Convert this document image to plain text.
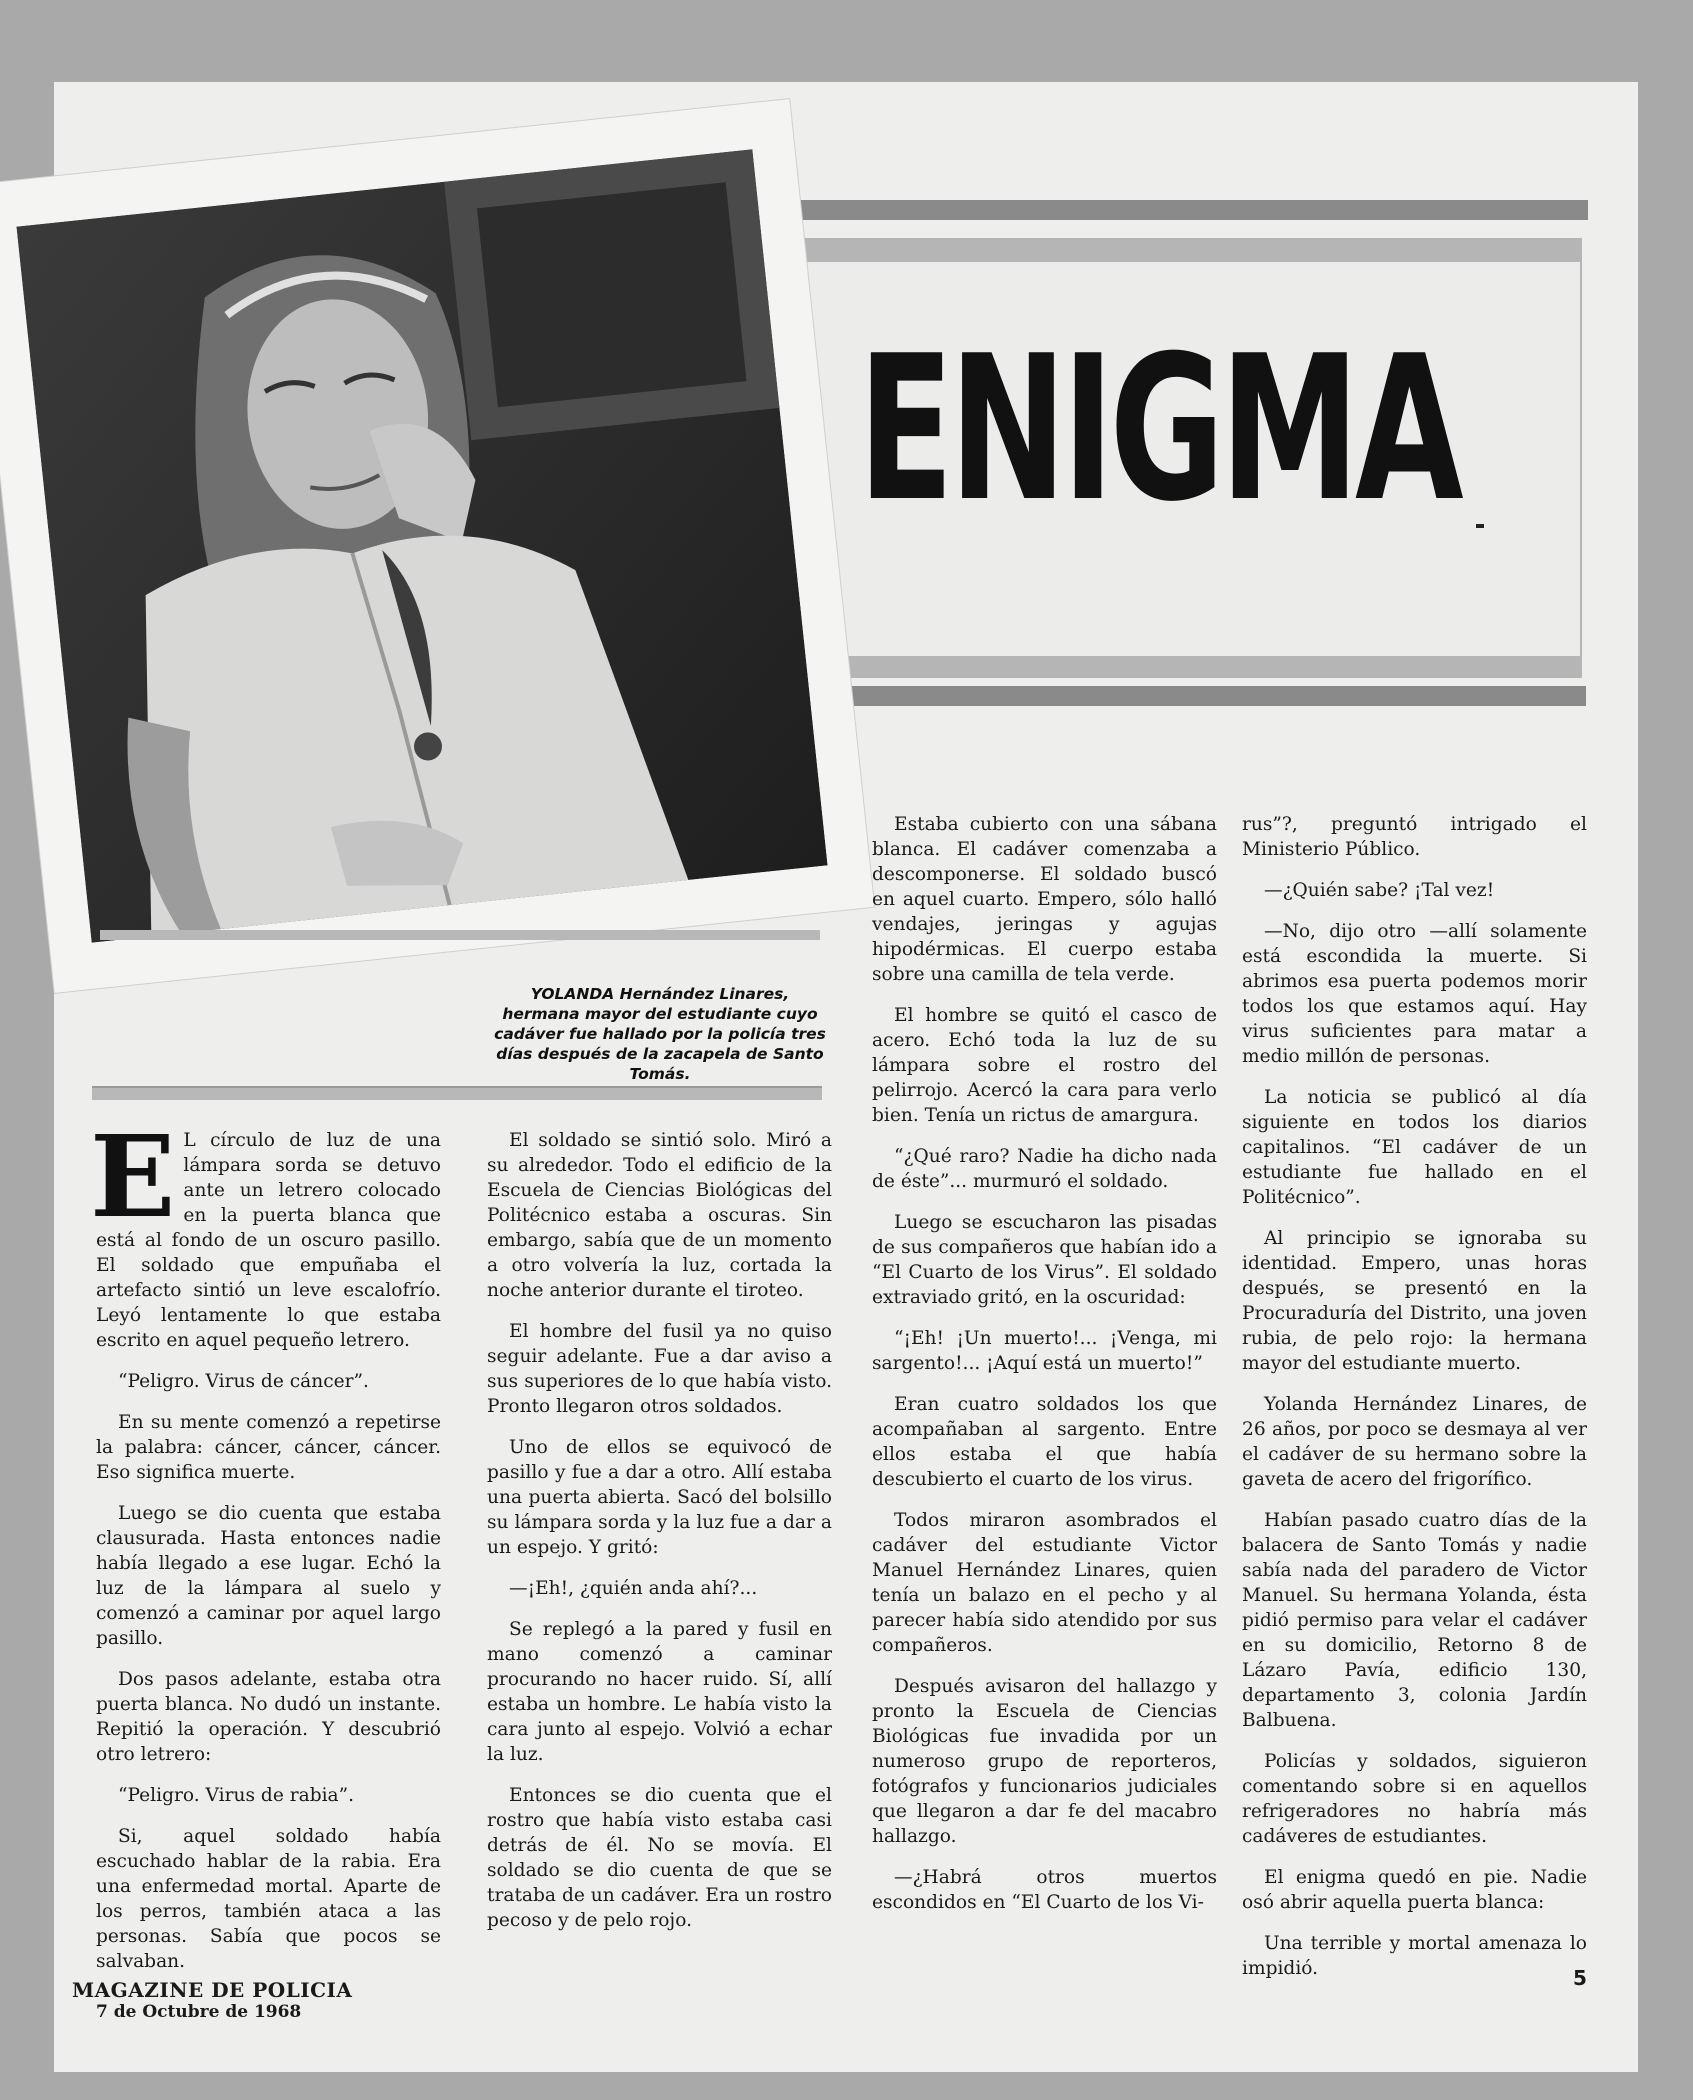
ENIGMA
YOLANDA Hernández Linares, hermana mayor del estudiante cuyo cadáver fue hallado por la policía tres días después de la zacapela de Santo Tomás.

E L círculo de luz de una lámpara sorda se detuvo ante un letrero colocado en la puerta blanca que está al fondo de un oscuro pasillo. El soldado que empuñaba el artefacto sintió un leve escalofrío. Leyó lentamente lo que estaba escrito en aquel pequeño letrero.

“Peligro. Virus de cáncer”.

En su mente comenzó a repetirse la palabra: cáncer, cáncer, cáncer. Eso significa muerte.

Luego se dio cuenta que estaba clausurada. Hasta entonces nadie había llegado a ese lugar. Echó la luz de la lámpara al suelo y comenzó a caminar por aquel largo pasillo.

Dos pasos adelante, estaba otra puerta blanca. No dudó un instante. Repitió la operación. Y descubrió otro letrero:

“Peligro. Virus de rabia”.

Si, aquel soldado había escuchado hablar de la rabia. Era una enfermedad mortal. Aparte de los perros, también ataca a las personas. Sabía que pocos se salvaban.

El soldado se sintió solo. Miró a su alrededor. Todo el edificio de la Escuela de Ciencias Biológicas del Politécnico estaba a oscuras. Sin embargo, sabía que de un momento a otro volvería la luz, cortada la noche anterior durante el tiroteo.

El hombre del fusil ya no quiso seguir adelante. Fue a dar aviso a sus superiores de lo que había visto. Pronto llegaron otros soldados.

Uno de ellos se equivocó de pasillo y fue a dar a otro. Allí estaba una puerta abierta. Sacó del bolsillo su lámpara sorda y la luz fue a dar a un espejo. Y gritó:

—¡Eh!, ¿quién anda ahí?...

Se replegó a la pared y fusil en mano comenzó a caminar procurando no hacer ruido. Sí, allí estaba un hombre. Le había visto la cara junto al espejo. Volvió a echar la luz.

Entonces se dio cuenta que el rostro que había visto estaba casi detrás de él. No se movía. El soldado se dio cuenta de que se trataba de un cadáver. Era un rostro pecoso y de pelo rojo.

Estaba cubierto con una sábana blanca. El cadáver comenzaba a descomponerse. El soldado buscó en aquel cuarto. Empero, sólo halló vendajes, jeringas y agujas hipodérmicas. El cuerpo estaba sobre una camilla de tela verde.

El hombre se quitó el casco de acero. Echó toda la luz de su lámpara sobre el rostro del pelirrojo. Acercó la cara para verlo bien. Tenía un rictus de amargura.

“¿Qué raro? Nadie ha dicho nada de éste”... murmuró el soldado.

Luego se escucharon las pisadas de sus compañeros que habían ido a “El Cuarto de los Virus”. El soldado extraviado gritó, en la oscuridad:

“¡Eh! ¡Un muerto!... ¡Venga, mi sargento!... ¡Aquí está un muerto!”

Eran cuatro soldados los que acompañaban al sargento. Entre ellos estaba el que había descubierto el cuarto de los virus.

Todos miraron asombrados el cadáver del estudiante Victor Manuel Hernández Linares, quien tenía un balazo en el pecho y al parecer había sido atendido por sus compañeros.

Después avisaron del hallazgo y pronto la Escuela de Ciencias Biológicas fue invadida por un numeroso grupo de reporteros, fotógrafos y funcionarios judiciales que llegaron a dar fe del macabro hallazgo.

—¿Habrá otros muertos escondidos en “El Cuarto de los Vi-

rus”?, preguntó intrigado el Ministerio Público.

—¿Quién sabe? ¡Tal vez!

—No, dijo otro —allí solamente está escondida la muerte. Si abrimos esa puerta podemos morir todos los que estamos aquí. Hay virus suficientes para matar a medio millón de personas.

La noticia se publicó al día siguiente en todos los diarios capitalinos. “El cadáver de un estudiante fue hallado en el Politécnico”.

Al principio se ignoraba su identidad. Empero, unas horas después, se presentó en la Procuraduría del Distrito, una joven rubia, de pelo rojo: la hermana mayor del estudiante muerto.

Yolanda Hernández Linares, de 26 años, por poco se desmaya al ver el cadáver de su hermano sobre la gaveta de acero del frigorífico.

Habían pasado cuatro días de la balacera de Santo Tomás y nadie sabía nada del paradero de Victor Manuel. Su hermana Yolanda, ésta pidió permiso para velar el cadáver en su domicilio, Retorno 8 de Lázaro Pavía, edificio 130, departamento 3, colonia Jardín Balbuena.

Policías y soldados, siguieron comentando sobre si en aquellos refrigeradores no habría más cadáveres de estudiantes.

El enigma quedó en pie. Nadie osó abrir aquella puerta blanca:

Una terrible y mortal amenaza lo impidió.

MAGAZINE DE POLICIA
7 de Octubre de 1968
5
